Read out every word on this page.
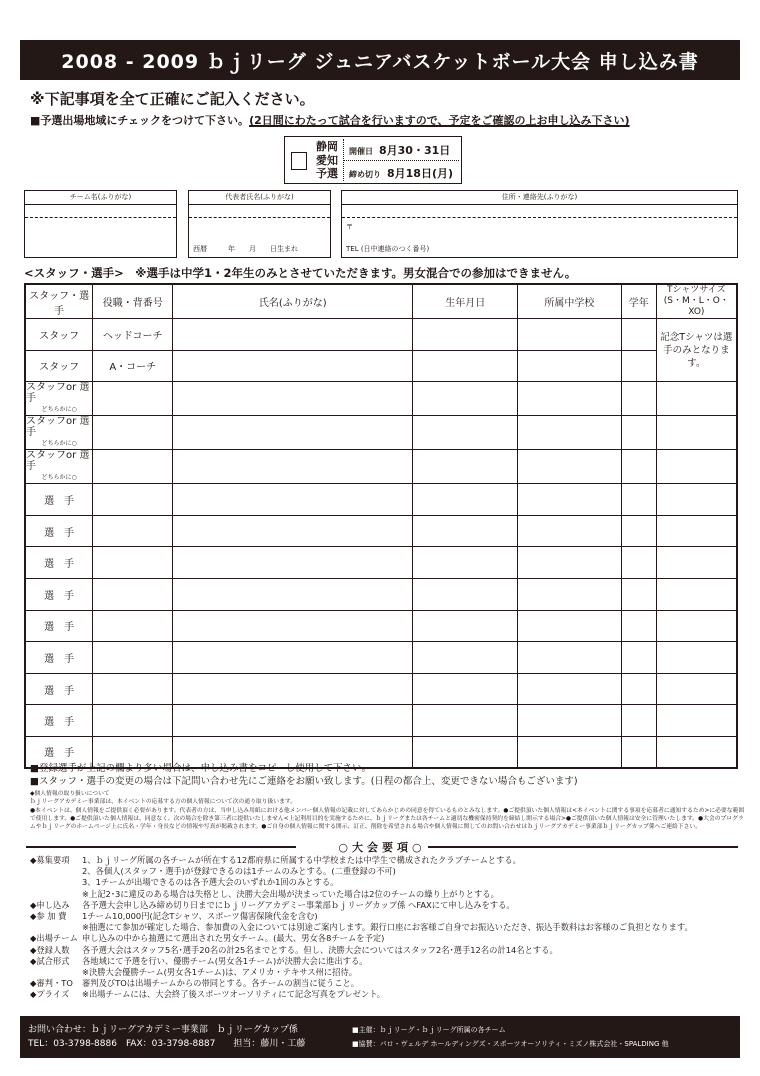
2008 - 2009 ｂｊリーグ ジュニアバスケットボール大会 申し込み書
※下記事項を全て正確にご記入ください。
■予選出場地域にチェックをつけて下さい。(2日間にわたって試合を行いますので、予定をご確認の上お申し込み下さい)
静岡
愛知
予選
開催日 8月30・31日
締め切り 8月18日(月)
チーム名(ふりがな)	代表者氏名(ふりがな)
西暦　　　年　　月　　日生まれ
住所・連絡先(ふりがな)
〒
TEL (日中連絡のつく番号)
<スタッフ・選手>　※選手は中学1・2年生のみとさせていただきます。男女混合での参加はできません。
スタッフ・選手	役職・背番号	氏名(ふりがな)	生年月日	所属中学校	学年	Tシャツサイズ
(S・M・L・O・XO)
スタッフ	ヘッドコーチ					記念Tシャツは選手のみとなります。
スタッフ	A・コーチ					
スタッフor 選手
どちらかに○						

スタッフor 選手
どちらかに○						

スタッフor 選手
どちらかに○						

選　手						
選　手						
選　手						
選　手						
選　手						
選　手						
選　手						
選　手						
選　手						
■登録選手が上記の欄より多い場合は、申し込み書をコピーし使用して下さい。
■スタッフ・選手の変更の場合は下記問い合わせ先にご連絡をお願い致します。(日程の都合上、変更できない場合もございます)
◆個人情報の取り扱いについて
ｂｊリーグアカデミー事業部は、本イベントの応募する方の個人情報について次の通り取り扱います。
●本イベントは、個人情報をご提供頂く必要があります。代表者の方は、当申し込み用紙における他メンバー個人情報の記載に対してあらかじめの同意を得ているものとみなします。●ご提供頂いた個人情報は<本イベントに関する事項を応募者に通知するため>に必要な範囲で使用します。●ご提供頂いた個人情報は、同意なく、次の場合を除き第三者に提供いたしません<上記利用目的を実施するために、ｂｊリーグまたは各チームと適切な機密保持契約を締結し開示する場合>●ご提供頂いた個人情報は安全に管理いたします。●大会のプログラムやｂｊリーグのホームページ上に氏名・学年・身長などの情報や写真が掲載されます。●ご自身の個人情報に関する開示、訂正、削除を希望される場合や個人情報に関してのお問い合わせはｂｊリーグアカデミー事業部ｂｊリーグカップ係へご連絡下さい。
○大会要項○
◆募集要項	1、ｂｊリーグ所属の各チームが所在する12都府県に所属する中学校または中学生で構成されたクラブチームとする。
2、各個人(スタッフ・選手)が登録できるのは1チームのみとする。(二重登録の不可)
3、1チームが出場できるのは各予選大会のいずれか1回のみとする。
※上記2･3に違反のある場合は失格とし、決勝大会出場が決まっていた場合は2位のチームの繰り上がりとする。
◆申し込み	各予選大会申し込み締め切り日までにｂｊリーグアカデミー事業部ｂｊリーグカップ係 へFAXにて申し込みをする。
◆参 加 費	1チーム10,000円(記念Tシャツ、スポーツ傷害保険代金を含む)
※抽選にて参加が確定した場合、参加費の入金については別途ご案内します。銀行口座にお客様ご自身でお振込いただき、振込手数料はお客様のご負担となります。
◆出場チーム 申し込みの中から抽選にて選出された男女チーム。(最大、男女各8チームを予定)
◆登録人数	各予選大会はスタッフ5名･選手20名の計25名までとする。但し、決勝大会についてはスタッフ2名･選手12名の計14名とする。
◆試合形式	各地域にて予選を行い、優勝チーム(男女各1チーム)が決勝大会に進出する。
※決勝大会優勝チーム(男女各1チーム)は、アメリカ・テキサス州に招待。
◆審判・TO	審判及びTOは出場チームからの帯同とする。各チームの割当に従うこと。
◆プライズ	※出場チームには、大会終了後スポーツオーソリティにて記念写真をプレゼント。
お問い合わせ：ｂｊリーグアカデミー事業部　ｂｊリーグカップ係
TEL：03-3798-8886　FAX：03-3798-8887　　担当：藤川・工藤
■主催：ｂｊリーグ・ｂｊリーグ所属の各チーム
■協賛：パロ・ヴェルデ ホールディングズ・スポーツオーソリティ・ミズノ株式会社・SPALDING 他
